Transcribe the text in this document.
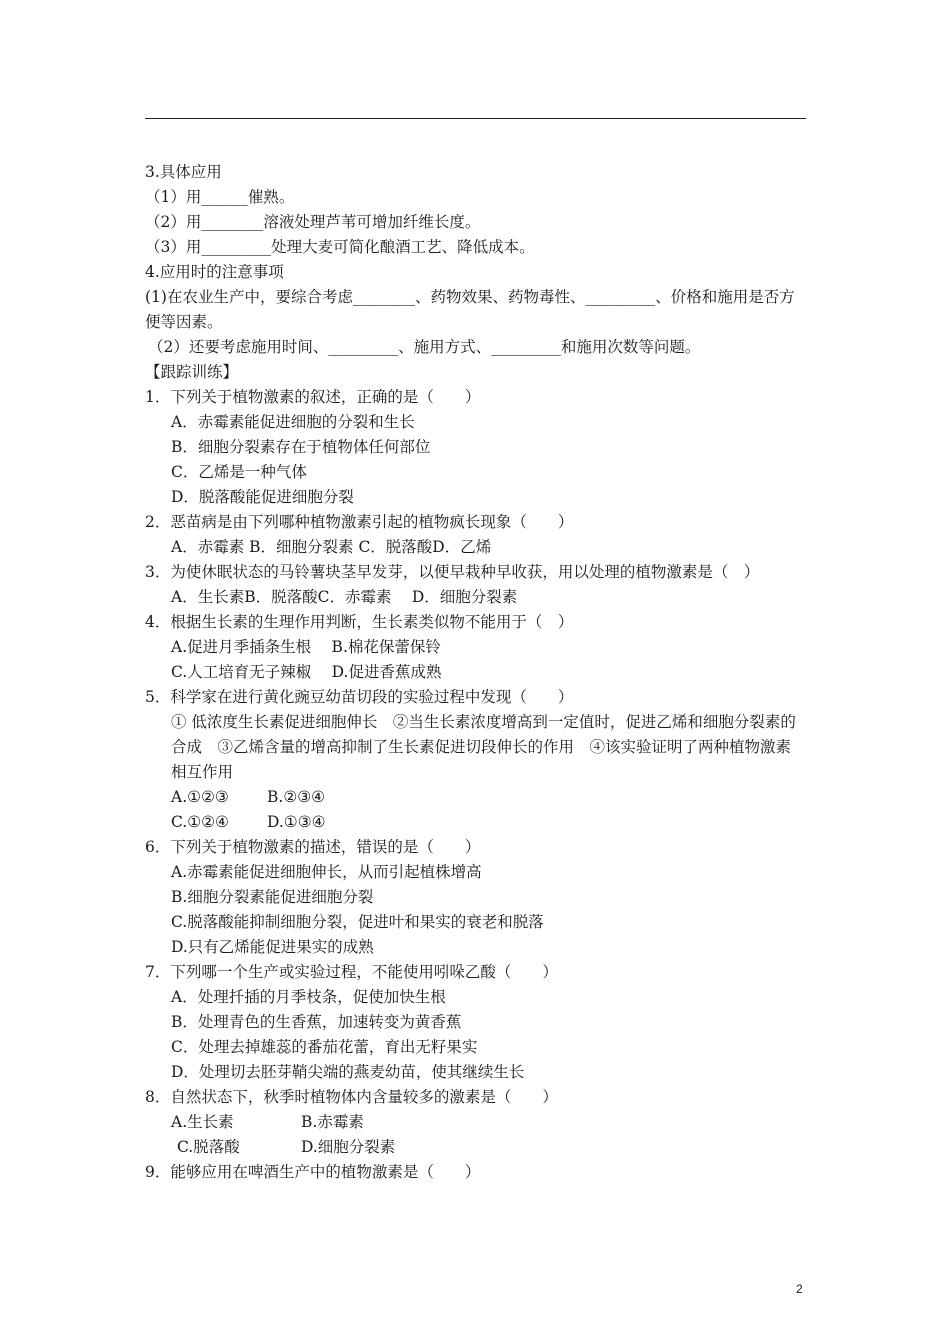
3.具体应用
（1）用______催熟。
（2）用________溶液处理芦苇可增加纤维长度。
（3）用_________处理大麦可简化酿酒工艺、降低成本。
4.应用时的注意事项
(1)在农业生产中，要综合考虑________、药物效果、药物毒性、_________、价格和施用是否方便等因素。
（2）还要考虑施用时间、_________、施用方式、_________和施用次数等问题。
【跟踪训练】
1．下列关于植物激素的叙述，正确的是（　　）
A．赤霉素能促进细胞的分裂和生长
B．细胞分裂素存在于植物体任何部位
C．乙烯是一种气体
D．脱落酸能促进细胞分裂
2．恶苗病是由下列哪种植物激素引起的植物疯长现象（　　）
A．赤霉素 B．细胞分裂素 C．脱落酸D．乙烯
3．为使休眠状态的马铃薯块茎早发芽，以便早栽种早收获，用以处理的植物激素是（　）
A．生长素B．脱落酸C．赤霉素　 D．细胞分裂素
4．根据生长素的生理作用判断，生长素类似物不能用于（　）
A.促进月季插条生根　 B.棉花保蕾保铃
C.人工培育无子辣椒　 D.促进香蕉成熟
5．科学家在进行黄化豌豆幼苗切段的实验过程中发现（　　）
① 低浓度生长素促进细胞伸长　②当生长素浓度增高到一定值时，促进乙烯和细胞分裂素的合成　③乙烯含量的增高抑制了生长素促进切段伸长的作用　④该实验证明了两种植物激素相互作用
A.①②③ B.②③④
C.①②④ D.①③④
6．下列关于植物激素的描述，错误的是（　　）
A.赤霉素能促进细胞伸长，从而引起植株增高
B.细胞分裂素能促进细胞分裂
C.脱落酸能抑制细胞分裂，促进叶和果实的衰老和脱落
D.只有乙烯能促进果实的成熟
7．下列哪一个生产或实验过程，不能使用吲哚乙酸（　　）
A．处理扦插的月季枝条，促使加快生根
B．处理青色的生香蕉，加速转变为黄香蕉
C．处理去掉雄蕊的番茄花蕾，育出无籽果实
D．处理切去胚芽鞘尖端的燕麦幼苗，使其继续生长
8．自然状态下，秋季时植物体内含量较多的激素是（　　）
A.生长素	B.赤霉素
C.脱落酸	D.细胞分裂素
9．能够应用在啤酒生产中的植物激素是（　　）
2
